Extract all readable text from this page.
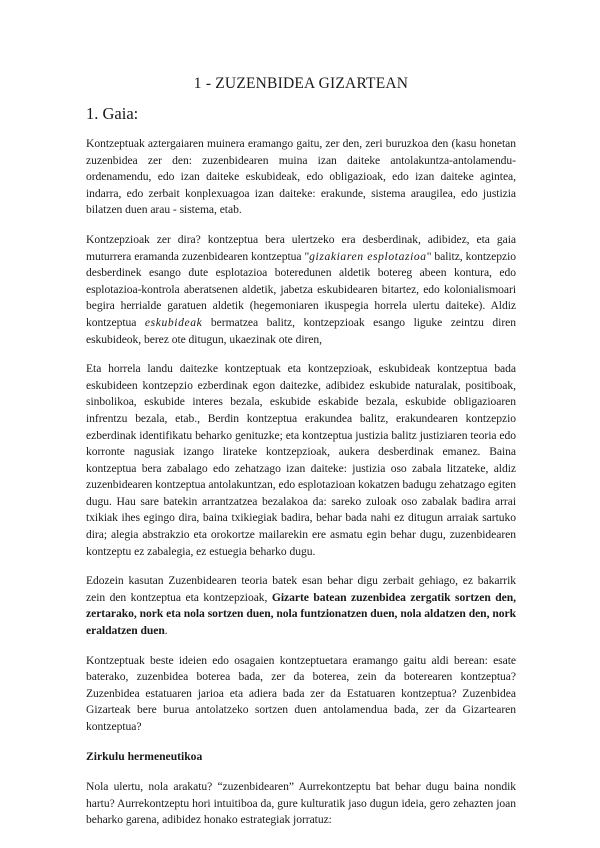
1 - ZUZENBIDEA GIZARTEAN
1. Gaia:

Kontzeptuak aztergaiaren muinera eramango gaitu, zer den, zeri buruzkoa den (kasu honetan zuzenbidea zer den: zuzenbidearen muina izan daiteke antolakuntza-antolamendu-ordenamendu, edo izan daiteke eskubideak, edo obligazioak, edo izan daiteke agintea, indarra, edo zerbait konplexuagoa izan daiteke: erakunde, sistema araugilea, edo justizia bilatzen duen arau - sistema, etab.

Kontzepzioak zer dira? kontzeptua bera ulertzeko era desberdinak, adibidez, eta gaia muturrera eramanda zuzenbidearen kontzeptua "gizakiaren esplotazioa" balitz, kontzepzio desberdinek esango dute esplotazioa boteredunen aldetik botereg abeen kontura, edo esplotazioa-kontrola aberatsenen aldetik, jabetza eskubidearen bitartez, edo kolonialismoari begira herrialde garatuen aldetik (hegemoniaren ikuspegia horrela ulertu daiteke). Aldiz kontzeptua eskubideak bermatzea balitz, kontzepzioak esango liguke zeintzu diren eskubideok, berez ote ditugun, ukaezinak ote diren,

Eta horrela landu daitezke kontzeptuak eta kontzepzioak, eskubideak kontzeptua bada eskubideen kontzepzio ezberdinak egon daitezke, adibidez eskubide naturalak, positiboak, sinbolikoa, eskubide interes bezala, eskubide eskabide bezala, eskubide obligazioaren infrentzu bezala, etab., Berdin kontzeptua erakundea balitz, erakundearen kontzepzio ezberdinak identifikatu beharko genituzke; eta kontzeptua justizia balitz justiziaren teoria edo korronte nagusiak izango lirateke kontzepzioak, aukera desberdinak emanez. Baina kontzeptua bera zabalago edo zehatzago izan daiteke: justizia oso zabala litzateke, aldiz zuzenbidearen kontzeptua antolakuntzan, edo esplotazioan kokatzen badugu zehatzago egiten dugu. Hau sare batekin arrantzatzea bezalakoa da: sareko zuloak oso zabalak badira arrai txikiak ihes egingo dira, baina txikiegiak badira, behar bada nahi ez ditugun arraiak sartuko dira; alegia abstrakzio eta orokortze mailarekin ere asmatu egin behar dugu, zuzenbidearen kontzeptu ez zabalegia, ez estuegia beharko dugu.

Edozein kasutan Zuzenbidearen teoria batek esan behar digu zerbait gehiago, ez bakarrik zein den kontzeptua eta kontzepzioak, Gizarte batean zuzenbidea zergatik sortzen den, zertarako, nork eta nola sortzen duen, nola funtzionatzen duen, nola aldatzen den, nork eraldatzen duen.

Kontzeptuak beste ideien edo osagaien kontzeptuetara eramango gaitu aldi berean: esate baterako, zuzenbidea boterea bada, zer da boterea, zein da boterearen kontzeptua? Zuzenbidea estatuaren jarioa eta adiera bada zer da Estatuaren kontzeptua? Zuzenbidea Gizarteak bere burua antolatzeko sortzen duen antolamendua bada, zer da Gizartearen kontzeptua?

Zirkulu hermeneutikoa

Nola ulertu, nola arakatu? “zuzenbidearen” Aurrekontzeptu bat behar dugu baina nondik hartu? Aurrekontzeptu hori intuitiboa da, gure kulturatik jaso dugun ideia, gero zehazten joan beharko garena, adibidez honako estrategiak jorratuz:
